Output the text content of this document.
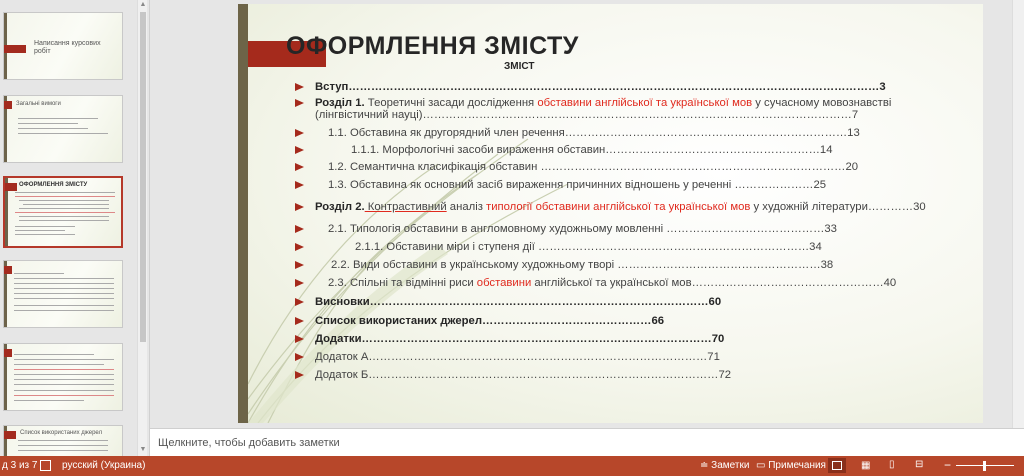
Написання курсових робіт
Загальні вимоги
ОФОРМЛЕННЯ ЗМІСТУ
Список використаних джерел
▲
▼
ОФОРМЛЕННЯ ЗМІСТУ
ЗМІСТ
Вступ……………………………………………………………………………………………………………………………3
Розділ 1. Теоретичні засади дослідження обставини англійської та української мов у сучасному мовознавстві
(лінгвістичний науці)……………………………………………………………………………………………………7
1.1. Обставина як другорядний член речення…………………………………………………………………13
1.1.1. Морфологічні засоби вираження обставин…………………………………………………14
1.2. Семантична класифікація обставин ………………………………………………………………………20
1.3. Обставина як основний засіб вираження причинних відношень у реченні …………………25
Розділ 2. Контрастивний аналіз типології обставини англійської та української мов у художній літератури…………30
2.1. Типологія обставини в англомовному художньому мовленні ……………………………………33
2.1.1. Обставини міри і ступеня дії ………………………………………………………………34
2.2. Види обставини в українському художньому творі ………………………………………………38
2.3. Спільні та відмінні риси обставини англійської та української мов……………………………………………40
Висновки………………………………………………………………………………60
Список використаних джерел………………………………………66
Додатки…………………………………………………………………………………70
Додаток А………………………………………………………………………………71
Додаток Б…………………………………………………………………………………72
Щелкните, чтобы добавить заметки
д 3 из 7 русский (Украина)	≐ Заметки ▭ Примечания	▦ ▯ ⊟ −
